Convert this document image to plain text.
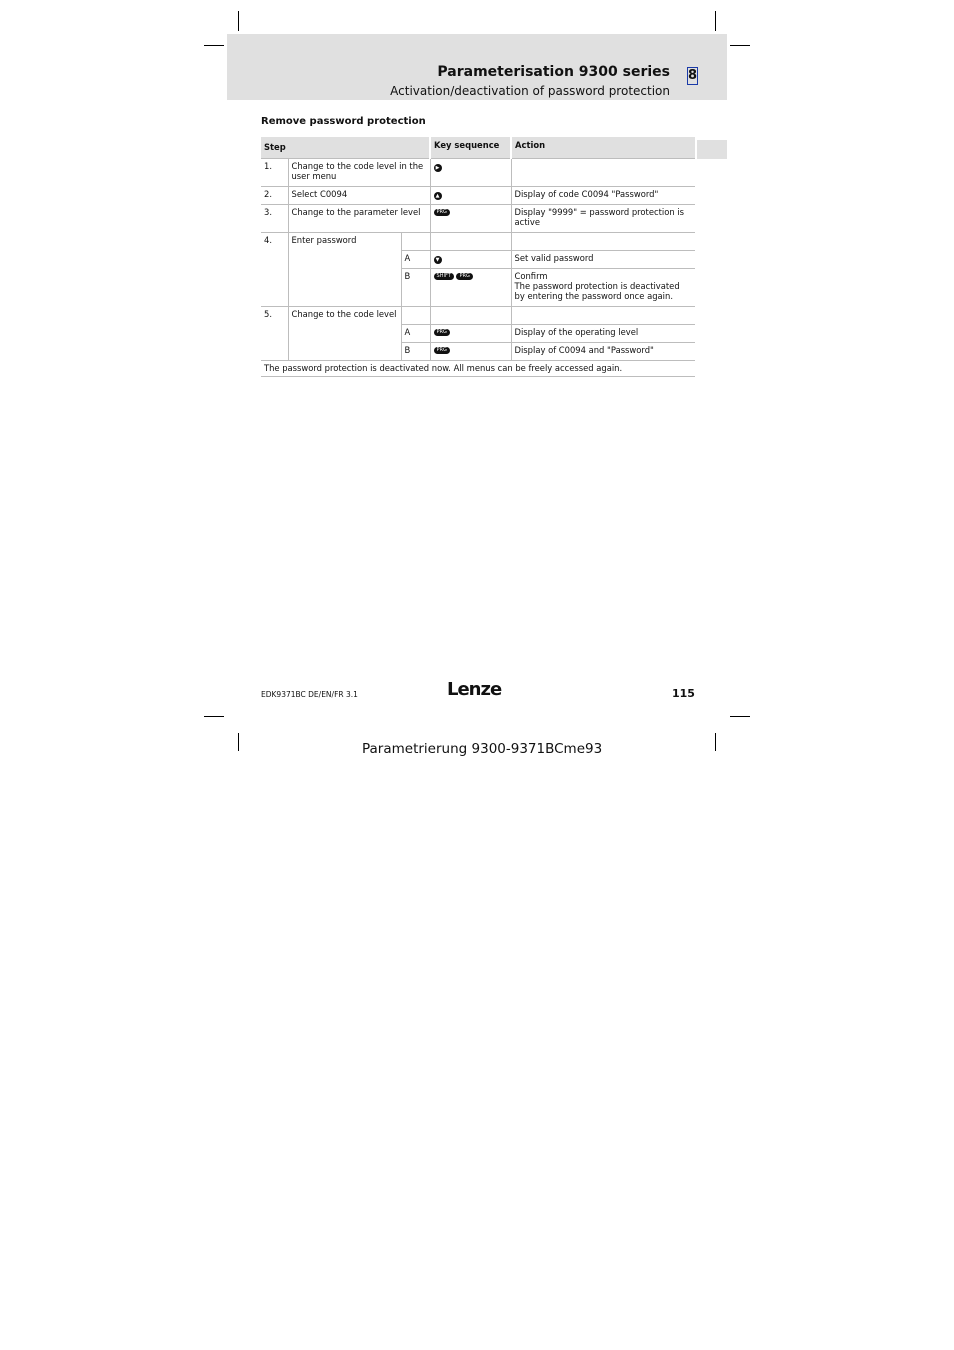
Parameterisation 9300 series 8
Activation/deactivation of password protection
Remove password protection
Step			Key sequence	Action
1.	Change to the code level in the user menu		▶	
2.	Select C0094		▲	Display of code C0094 "Password"
3.	Change to the parameter level		PRG	Display "9999" = password protection is active
4.	Enter password			
		A	▼	Set valid password
		B	SHIFT PRG	Confirm
The password protection is deactivated by entering the password once again.

5.	Change to the code level			
		A	PRG	Display of the operating level
		B	PRG	Display of C0094 and "Password"
The password protection is deactivated now. All menus can be freely accessed again.				
EDK9371BC DE/EN/FR 3.1	Lenze	115
Parametrierung 9300-9371BCme93
